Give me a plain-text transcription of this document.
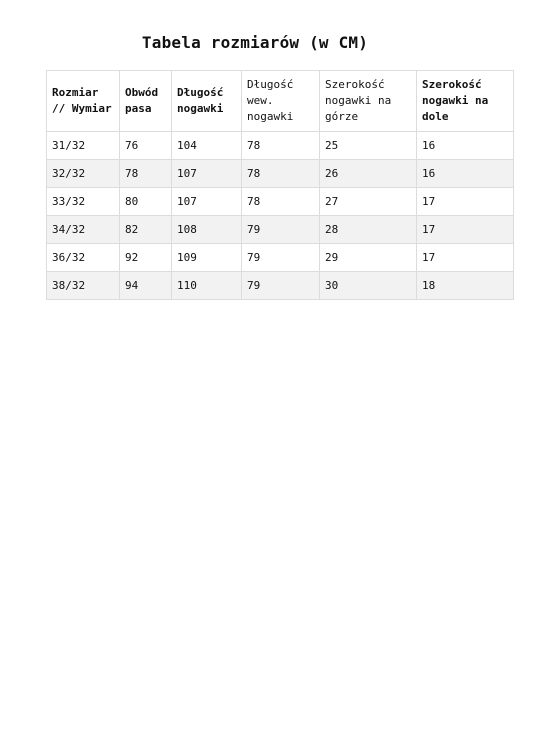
Tabela rozmiarów (w CM)
Rozmiar // Wymiar	Obwód pasa	Długość nogawki	Długość wew. nogawki	Szerokość nogawki na górze	Szerokość nogawki na dole
31/32	76	104	78	25	16
32/32	78	107	78	26	16
33/32	80	107	78	27	17
34/32	82	108	79	28	17
36/32	92	109	79	29	17
38/32	94	110	79	30	18
